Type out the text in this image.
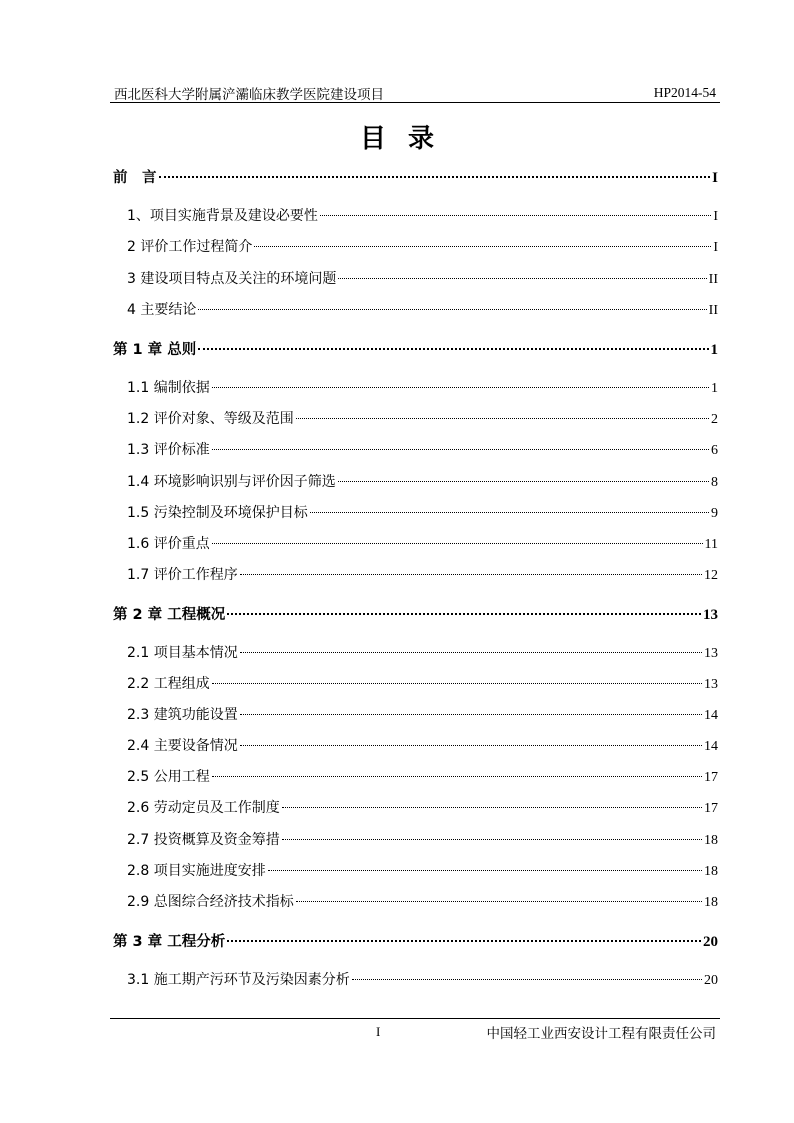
西北医科大学附属浐灞临床教学医院建设项目	HP2014-54
目录
前　言	I
1、项目实施背景及建设必要性	I
2 评价工作过程简介	I
3 建设项目特点及关注的环境问题	II
4 主要结论	II
第 1 章 总则	1
1.1 编制依据	1
1.2 评价对象、等级及范围	2
1.3 评价标准	6
1.4 环境影响识别与评价因子筛选	8
1.5 污染控制及环境保护目标	9
1.6 评价重点	11
1.7 评价工作程序	12
第 2 章 工程概况	13
2.1 项目基本情况	13
2.2 工程组成	13
2.3 建筑功能设置	14
2.4 主要设备情况	14
2.5 公用工程	17
2.6 劳动定员及工作制度	17
2.7 投资概算及资金筹措	18
2.8 项目实施进度安排	18
2.9 总图综合经济技术指标	18
第 3 章 工程分析	20
3.1 施工期产污环节及污染因素分析	20
I	中国轻工业西安设计工程有限责任公司
